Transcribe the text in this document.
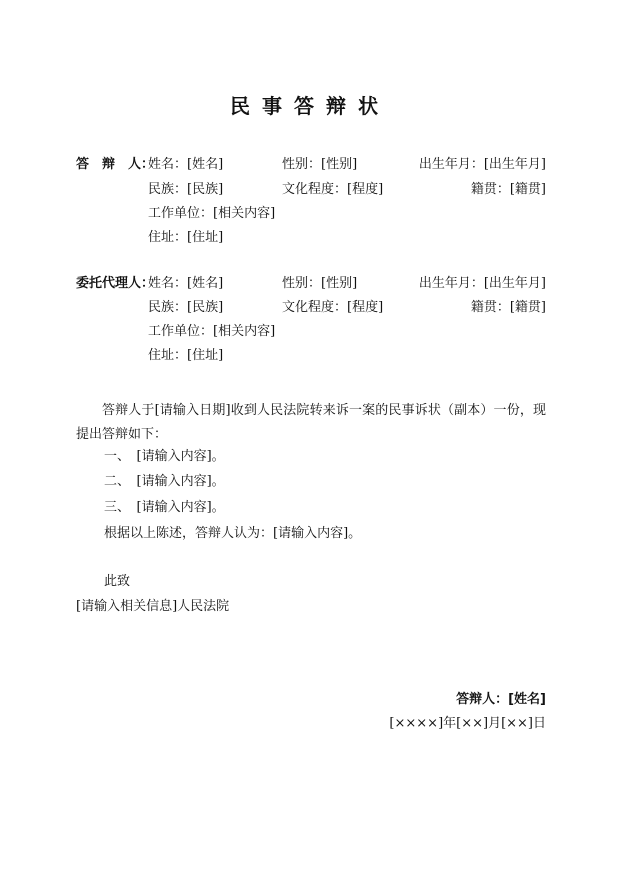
民事答辩状
答　辩　人：
姓名：[姓名]	性别：[性别]	出生年月：[出生年月]
民族：[民族]	文化程度：[程度]	籍贯：[籍贯]
工作单位：[相关内容]
住址：[住址]
委托代理人：
姓名：[姓名]	性别：[性别]	出生年月：[出生年月]
民族：[民族]	文化程度：[程度]	籍贯：[籍贯]
工作单位：[相关内容]
住址：[住址]
答辩人于[请输入日期]收到人民法院转来诉一案的民事诉状（副本）一份，现提出答辩如下：
一、　[请输入内容]。
二、　[请输入内容]。
三、　[请输入内容]。
根据以上陈述，答辩人认为：[请输入内容]。
此致
[请输入相关信息]人民法院
答辩人：[姓名]
[××××]年[××]月[××]日
